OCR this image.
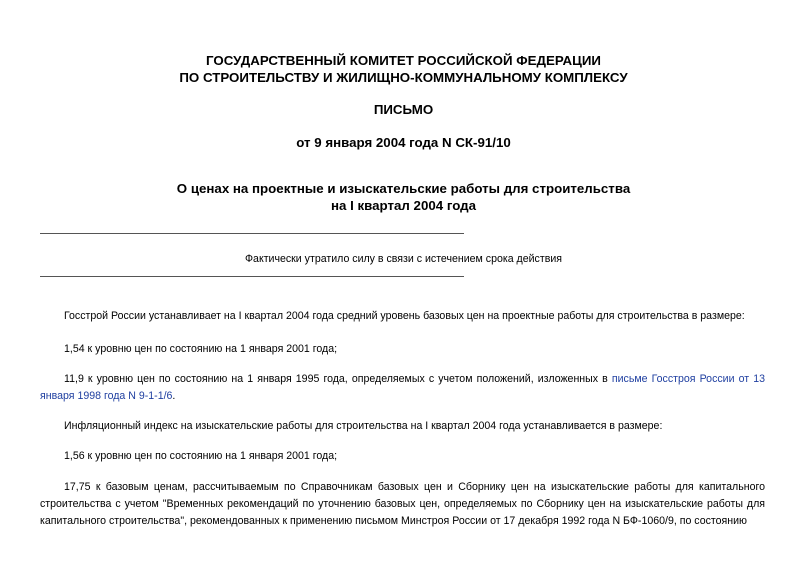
ГОСУДАРСТВЕННЫЙ КОМИТЕТ РОССИЙСКОЙ ФЕДЕРАЦИИ
ПО СТРОИТЕЛЬСТВУ И ЖИЛИЩНО-КОММУНАЛЬНОМУ КОМПЛЕКСУ
ПИСЬМО
от 9 января 2004 года N СК-91/10
О ценах на проектные и изыскательские работы для строительства
на I квартал 2004 года
Фактически утратило силу в связи с истечением срока действия

Госстрой России устанавливает на I квартал 2004 года средний уровень базовых цен на проектные работы для строительства в размере:

1,54 к уровню цен по состоянию на 1 января 2001 года;

11,9 к уровню цен по состоянию на 1 января 1995 года, определяемых с учетом положений, изложенных в письме Госстроя России от 13 января 1998 года N 9-1-1/6.

Инфляционный индекс на изыскательские работы для строительства на I квартал 2004 года устанавливается в размере:

1,56 к уровню цен по состоянию на 1 января 2001 года;

17,75 к базовым ценам, рассчитываемым по Справочникам базовых цен и Сборнику цен на изыскательские работы для капитального строительства с учетом "Временных рекомендаций по уточнению базовых цен, определяемых по Сборнику цен на изыскательские работы для капитального строительства", рекомендованных к применению письмом Минстроя России от 17 декабря 1992 года N БФ-1060/9, по состоянию
